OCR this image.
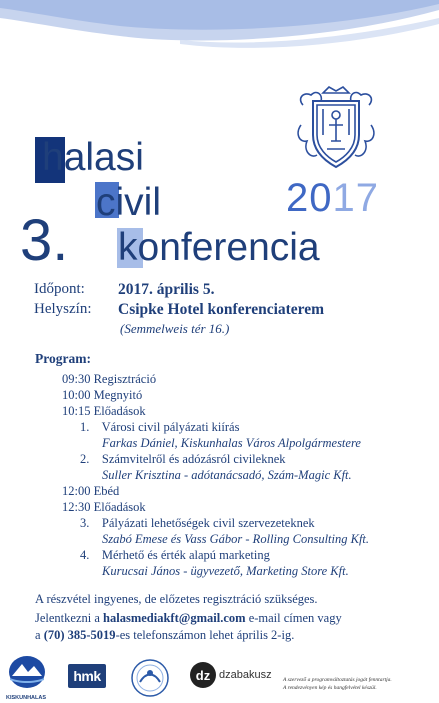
halasi
civil
3. konferencia
2017
Időpont: 2017. április 5.
Helyszín: Csipke Hotel konferenciaterem
(Semmelweis tér 16.)
Program:
09:30 Regisztráció
10:00 Megnyitó
10:15 Előadások
1.    Városi civil pályázati kiírás
Farkas Dániel, Kiskunhalas Város Alpolgármestere
2.    Számvitelről és adózásról civileknek
Suller Krisztina - adótanácsadó, Szám-Magic Kft.
12:00 Ebéd
12:30 Előadások
3.    Pályázati lehetőségek civil szervezeteknek
Szabó Emese és Vass Gábor - Rolling Consulting Kft.
4.    Mérhető és érték alapú marketing
Kurucsai János - ügyvezető, Marketing Store Kft.
A részvétel ingyenes, de előzetes regisztráció szükséges.
Jelentkezni a halasmediakft@gmail.com e-mail címen vagy
a (70) 385-5019-es telefonszámon lehet április 2-ig.
KISKUNHALAS
hmk	dz dzabakusz A szervező a programváltoztatás jogát fenntartja.
A rendezvényen kép és hangfelvétel készül.
